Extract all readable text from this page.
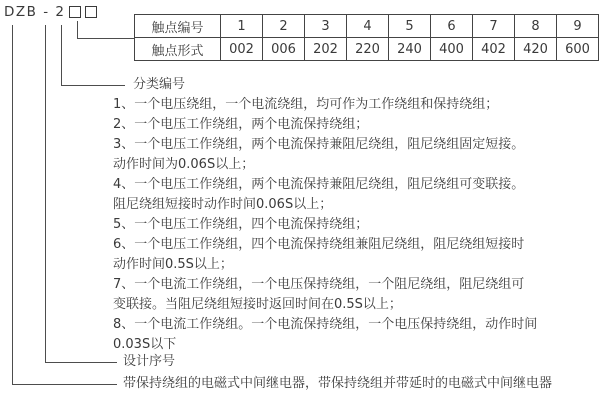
DZB - 2
触点编号	1	2	3	4	5	6	7	8	9
触点形式	002	006	202	220	240	400	402	420	600
分类编号
1、一个电压绕组，一个电流绕组，均可作为工作绕组和保持绕组；
2、一个电压工作绕组，两个电流保持绕组；
3、一个电压工作绕组，两个电流保持兼阻尼绕组，阻尼绕组固定短接。
动作时间为0.06S以上；
4、一个电压工作绕组，两个电流保持兼阻尼绕组，阻尼绕组可变联接。
阻尼绕组短接时动作时间0.06S以上；
5、一个电压工作绕组，四个电流保持绕组；
6、一个电压工作绕组，四个电流保持绕组兼阻尼绕组，阻尼绕组短接时
动作时间0.5S以上；
7、一个电流工作绕组，一个电压保持绕组，一个阻尼绕组，阻尼绕组可
变联接。当阻尼绕组短接时返回时间在0.5S以上；
8、一个电流工作绕组。一个电流保持绕组，一个电压保持绕组，动作时间
0.03S以下
设计序号
带保持绕组的电磁式中间继电器，带保持绕组并带延时的电磁式中间继电器
